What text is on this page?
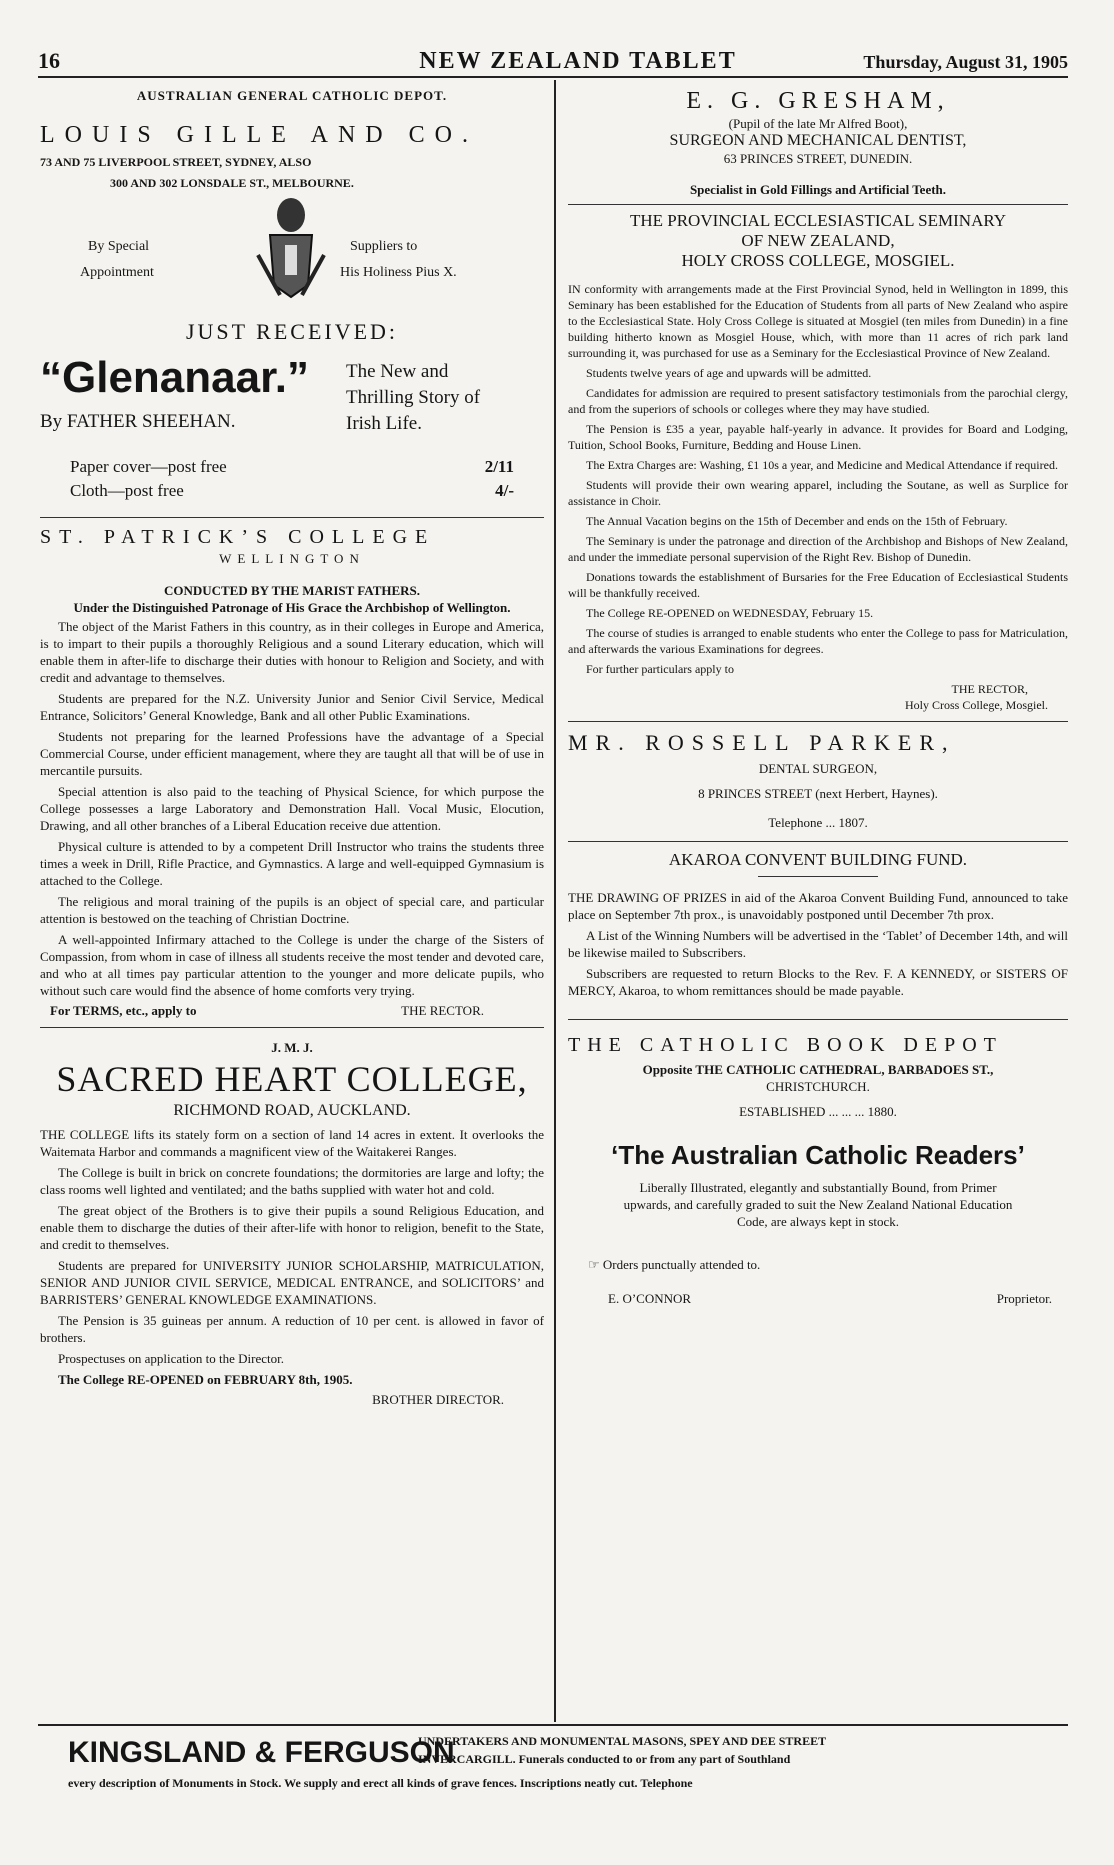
16	NEW ZEALAND TABLET	Thursday, August 31, 1905
AUSTRALIAN GENERAL CATHOLIC DEPOT.
LOUIS GILLE AND CO.
73 AND 75 LIVERPOOL STREET, SYDNEY, ALSO
300 AND 302 LONSDALE ST., MELBOURNE.
By Special
Appointment
Suppliers to
His Holiness Pius X.
JUST RECEIVED:
“Glenanaar.”
By FATHER SHEEHAN.
The New and
Thrilling Story of
Irish Life.
Paper cover—post free	2/11
Cloth—post free	4/-
ST. PATRICK’S COLLEGE
WELLINGTON
CONDUCTED BY THE MARIST FATHERS.
Under the Distinguished Patronage of His Grace the Archbishop of Wellington.

The object of the Marist Fathers in this country, as in their colleges in Europe and America, is to impart to their pupils a thoroughly Religious and a sound Literary education, which will enable them in after-life to discharge their duties with honour to Religion and Society, and with credit and advantage to themselves.

Students are prepared for the N.Z. University Junior and Senior Civil Service, Medical Entrance, Solicitors’ General Knowledge, Bank and all other Public Examinations.

Students not preparing for the learned Professions have the advantage of a Special Commercial Course, under efficient management, where they are taught all that will be of use in mercantile pursuits.

Special attention is also paid to the teaching of Physical Science, for which purpose the College possesses a large Laboratory and Demonstration Hall. Vocal Music, Elocution, Drawing, and all other branches of a Liberal Education receive due attention.

Physical culture is attended to by a competent Drill Instructor who trains the students three times a week in Drill, Rifle Practice, and Gymnastics. A large and well-equipped Gymnasium is attached to the College.

The religious and moral training of the pupils is an object of special care, and particular attention is bestowed on the teaching of Christian Doctrine.

A well-appointed Infirmary attached to the College is under the charge of the Sisters of Compassion, from whom in case of illness all students receive the most tender and devoted care, and who at all times pay particular attention to the younger and more delicate pupils, who without such care would find the absence of home comforts very trying.

For TERMS, etc., apply to	THE RECTOR.
J. M. J.
SACRED HEART COLLEGE,
RICHMOND ROAD, AUCKLAND.

THE COLLEGE lifts its stately form on a section of land 14 acres in extent. It overlooks the Waitemata Harbor and commands a magnificent view of the Waitakerei Ranges.

The College is built in brick on concrete foundations; the dormitories are large and lofty; the class rooms well lighted and ventilated; and the baths supplied with water hot and cold.

The great object of the Brothers is to give their pupils a sound Religious Education, and enable them to discharge the duties of their after-life with honor to religion, benefit to the State, and credit to themselves.

Students are prepared for UNIVERSITY JUNIOR SCHOLARSHIP, MATRICULATION, SENIOR AND JUNIOR CIVIL SERVICE, MEDICAL ENTRANCE, and SOLICITORS’ and BARRISTERS’ GENERAL KNOWLEDGE EXAMINATIONS.

The Pension is 35 guineas per annum. A reduction of 10 per cent. is allowed in favor of brothers.

Prospectuses on application to the Director.

The College RE-OPENED on FEBRUARY 8th, 1905.

BROTHER DIRECTOR.
E. G. GRESHAM,
(Pupil of the late Mr Alfred Boot),
SURGEON AND MECHANICAL DENTIST,
63 PRINCES STREET, DUNEDIN.
Specialist in Gold Fillings and Artificial Teeth.
THE PROVINCIAL ECCLESIASTICAL SEMINARY
OF NEW ZEALAND,
HOLY CROSS COLLEGE, MOSGIEL.

IN conformity with arrangements made at the First Provincial Synod, held in Wellington in 1899, this Seminary has been established for the Education of Students from all parts of New Zealand who aspire to the Ecclesiastical State. Holy Cross College is situated at Mosgiel (ten miles from Dunedin) in a fine building hitherto known as Mosgiel House, which, with more than 11 acres of rich park land surrounding it, was purchased for use as a Seminary for the Ecclesiastical Province of New Zealand.

Students twelve years of age and upwards will be admitted.

Candidates for admission are required to present satisfactory testimonials from the parochial clergy, and from the superiors of schools or colleges where they may have studied.

The Pension is £35 a year, payable half-yearly in advance. It provides for Board and Lodging, Tuition, School Books, Furniture, Bedding and House Linen.

The Extra Charges are: Washing, £1 10s a year, and Medicine and Medical Attendance if required.

Students will provide their own wearing apparel, including the Soutane, as well as Surplice for assistance in Choir.

The Annual Vacation begins on the 15th of December and ends on the 15th of February.

The Seminary is under the patronage and direction of the Archbishop and Bishops of New Zealand, and under the immediate personal supervision of the Right Rev. Bishop of Dunedin.

Donations towards the establishment of Bursaries for the Free Education of Ecclesiastical Students will be thankfully received.

The College RE-OPENED on WEDNESDAY, February 15.

The course of studies is arranged to enable students who enter the College to pass for Matriculation, and afterwards the various Examinations for degrees.

For further particulars apply to

THE RECTOR,
Holy Cross College, Mosgiel.
MR. ROSSELL PARKER,
DENTAL SURGEON,
8 PRINCES STREET (next Herbert, Haynes).
Telephone ... 1807.
AKAROA CONVENT BUILDING FUND.

THE DRAWING OF PRIZES in aid of the Akaroa Convent Building Fund, announced to take place on September 7th prox., is unavoidably postponed until December 7th prox.

A List of the Winning Numbers will be advertised in the ‘Tablet’ of December 14th, and will be likewise mailed to Subscribers.

Subscribers are requested to return Blocks to the Rev. F. A KENNEDY, or SISTERS OF MERCY, Akaroa, to whom remittances should be made payable.

THE CATHOLIC BOOK DEPOT
Opposite THE CATHOLIC CATHEDRAL, BARBADOES ST.,
CHRISTCHURCH.
ESTABLISHED ... ... ... 1880.
‘The Australian Catholic Readers’
Liberally Illustrated, elegantly and substantially Bound, from Primer upwards, and carefully graded to suit the New Zealand National Education Code, are always kept in stock.
☞ Orders punctually attended to.
E. O’CONNOR	Proprietor.
KINGSLAND & FERGUSON
UNDERTAKERS AND MONUMENTAL MASONS, SPEY AND DEE STREET
INVERCARGILL. Funerals conducted to or from any part of Southland
every description of Monuments in Stock. We supply and erect all kinds of grave fences. Inscriptions neatly cut. Telephone
